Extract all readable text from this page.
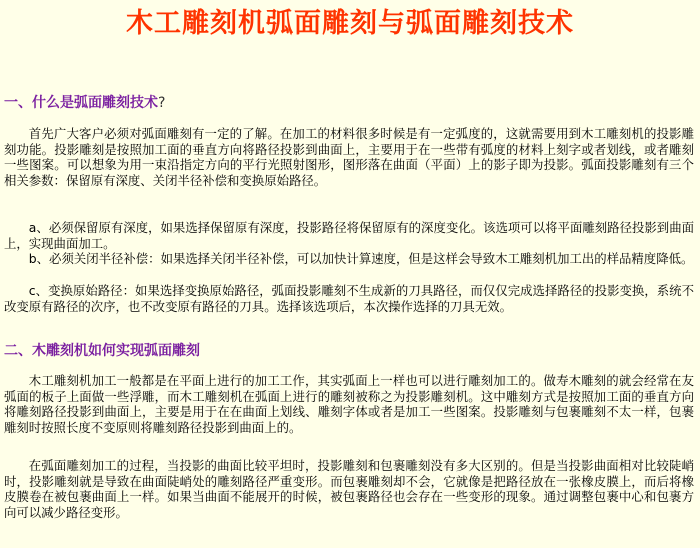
木工雕刻机弧面雕刻与弧面雕刻技术
一、什么是弧面雕刻技术?
首先广大客户必须对弧面雕刻有一定的了解。在加工的材料很多时候是有一定弧度的，这就需要用到木工雕刻机的投影雕刻功能。投影雕刻是按照加工面的垂直方向将路径投影到曲面上，主要用于在一些带有弧度的材料上刻字或者划线，或者雕刻一些图案。可以想象为用一束沿指定方向的平行光照射图形，图形落在曲面（平面）上的影子即为投影。弧面投影雕刻有三个相关参数：保留原有深度、关闭半径补偿和变换原始路径。
a、必须保留原有深度，如果选择保留原有深度，投影路径将保留原有的深度变化。该选项可以将平面雕刻路径投影到曲面上，实现曲面加工。
b、必须关闭半径补偿：如果选择关闭半径补偿，可以加快计算速度，但是这样会导致木工雕刻机加工出的样品精度降低。
c、变换原始路径：如果选择变换原始路径，弧面投影雕刻不生成新的刀具路径，而仅仅完成选择路径的投影变换，系统不改变原有路径的次序，也不改变原有路径的刀具。选择该选项后，本次操作选择的刀具无效。
二、木雕刻机如何实现弧面雕刻
木工雕刻机加工一般都是在平面上进行的加工工作，其实弧面上一样也可以进行雕刻加工的。做寿木雕刻的就会经常在友弧面的板子上面做一些浮雕，而木工雕刻机在弧面上进行的雕刻被称之为投影雕刻机。这中雕刻方式是按照加工面的垂直方向将雕刻路径投影到曲面上，主要是用于在在曲面上划线、雕刻字体或者是加工一些图案。投影雕刻与包裹雕刻不太一样，包裹雕刻时按照长度不变原则将雕刻路径投影到曲面上的。
在弧面雕刻加工的过程，当投影的曲面比较平坦时，投影雕刻和包裹雕刻没有多大区别的。但是当投影曲面相对比较陡峭时，投影雕刻就是导致在曲面陡峭处的雕刻路径严重变形。而包裹雕刻却不会，它就像是把路径放在一张橡皮膜上，而后将橡皮膜卷在被包裹曲面上一样。如果当曲面不能展开的时候，被包裹路径也会存在一些变形的现象。通过调整包裹中心和包裹方向可以减少路径变形。
